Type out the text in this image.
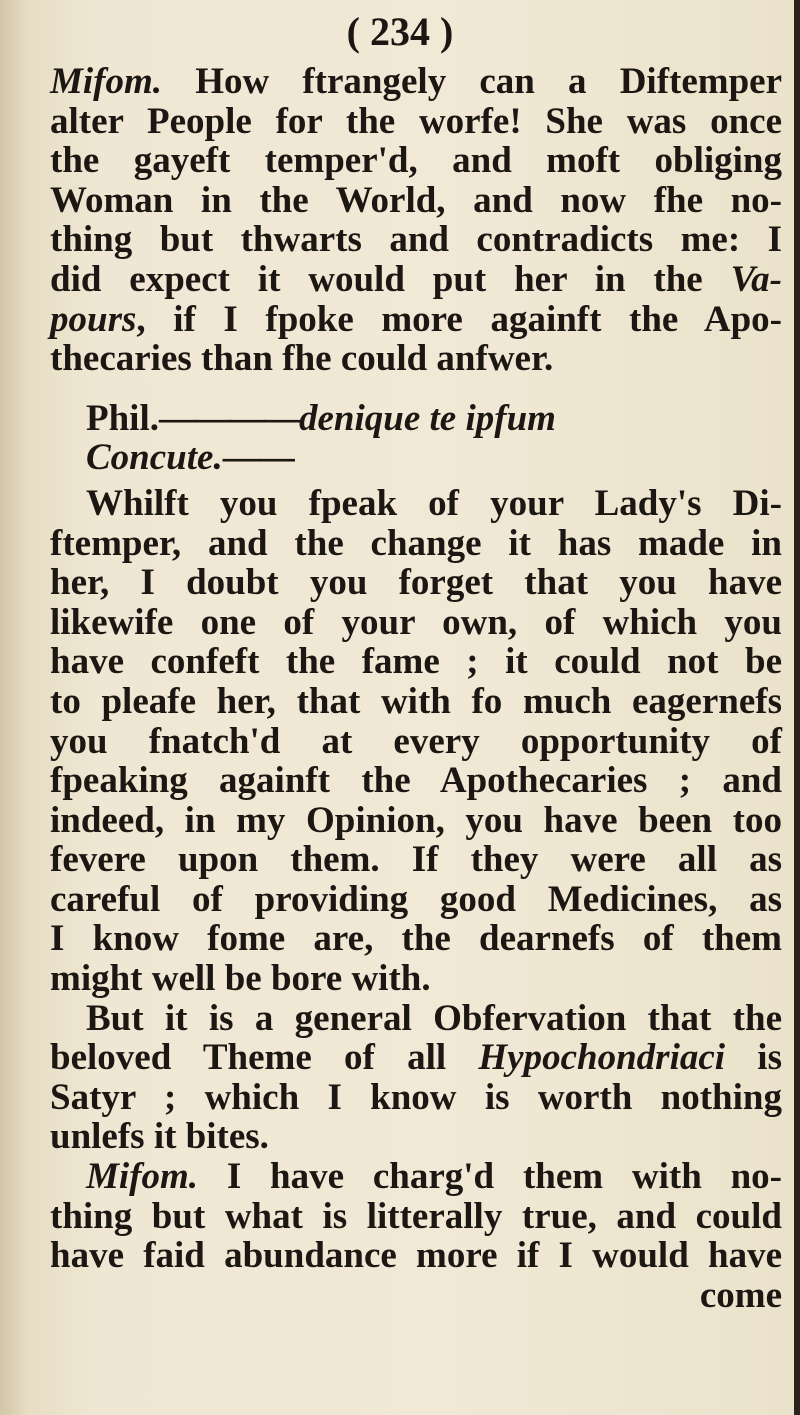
( 234 )
Mifom. How ftrangely can a Diftemper
alter People for the worfe! She was once
the gayeft temper'd, and moft obliging
Woman in the World, and now fhe no-
thing but thwarts and contradicts me: I
did expect it would put her in the Va-
pours, if I fpoke more againft the Apo-
thecaries than fhe could anfwer.
Phil.————denique te ipfum
Concute.——
Whilft you fpeak of your Lady's Di-
ftemper, and the change it has made in
her, I doubt you forget that you have
likewife one of your own, of which you
have confeft the fame ; it could not be
to pleafe her, that with fo much eagernefs
you fnatch'd at every opportunity of
fpeaking againft the Apothecaries ; and
indeed, in my Opinion, you have been too
fevere upon them. If they were all as
careful of providing good Medicines, as
I know fome are, the dearnefs of them
might well be bore with.
But it is a general Obfervation that the
beloved Theme of all Hypochondriaci is
Satyr ; which I know is worth nothing
unlefs it bites.
Mifom. I have charg'd them with no-
thing but what is litterally true, and could
have faid abundance more if I would have
come
